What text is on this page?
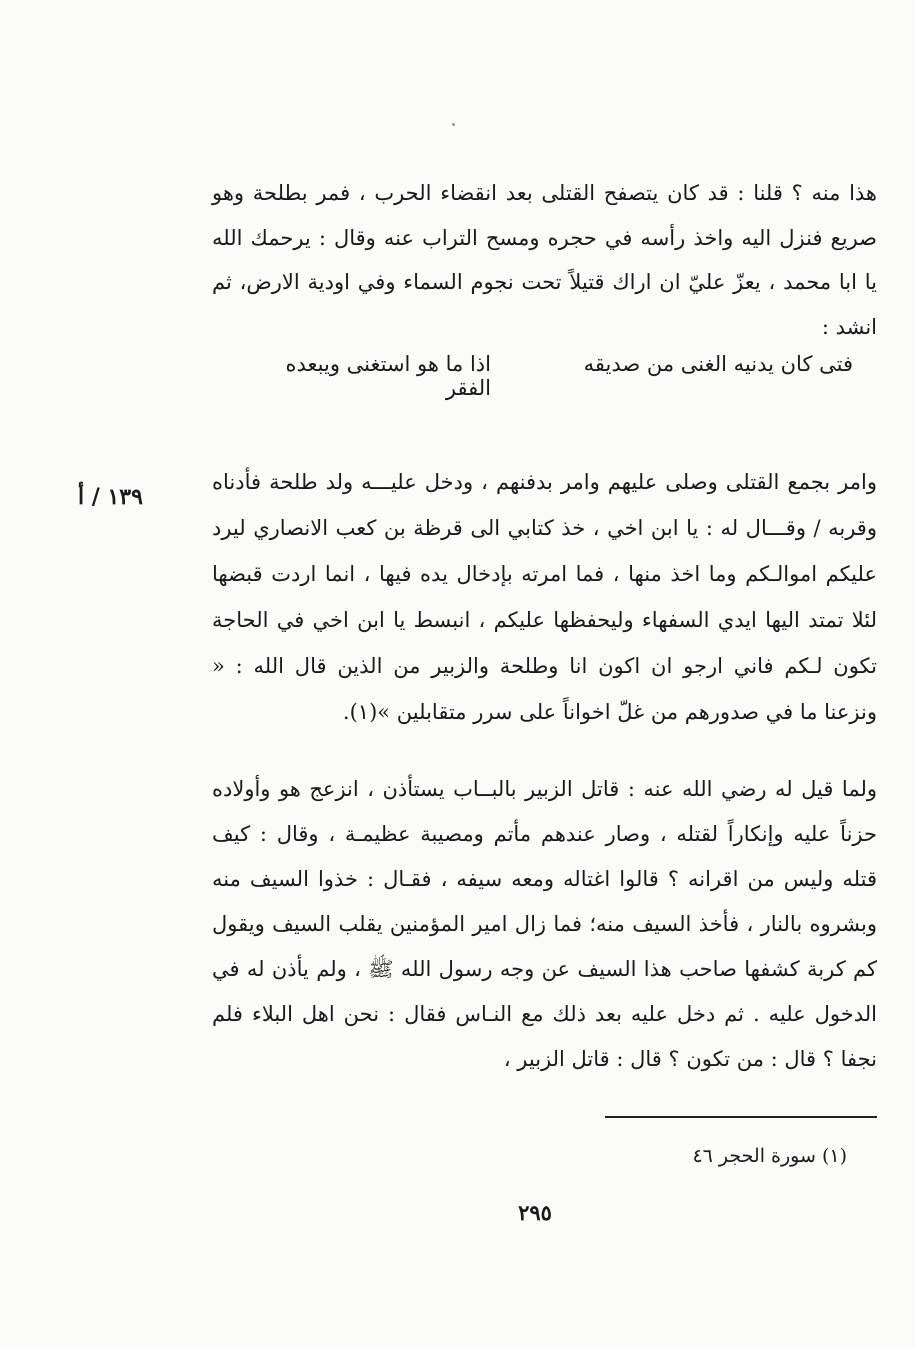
هذا منه ؟ قلنا : قد كان يتصفح القتلى بعد انقضاء الحرب ، فمر بطلحة وهو صريع فنزل اليه واخذ رأسه في حجره ومسح التراب عنه وقال : يرحمك الله يا ابا محمد ، يعزّ عليّ ان اراك قتيلاً تحت نجوم السماء وفي اودية الارض، ثم انشد :

فتى كان يدنيه الغنى من صديقه
اذا ما هو استغنى ويبعده الفقر

وامر بجمع القتلى وصلى عليهم وامر بدفنهم ، ودخل عليـــه ولد طلحة فأدناه وقربه / وقـــال له : يا ابن اخي ، خذ كتابي الى قرظة بن كعب الانصاري ليرد عليكم اموالـكم وما اخذ منها ، فما امرته بإدخال يده فيها ، انما اردت قبضها لئلا تمتد اليها ايدي السفهاء وليحفظها عليكم ، انبسط يا ابن اخي في الحاجة تكون لـكم فاني ارجو ان اكون انا وطلحة والزبير من الذين قال الله : « ونزعنا ما في صدورهم من غلّ اخواناً على سرر متقابلين »(١).

١٣٩ / أ

ولما قيل له رضي الله عنه : قاتل الزبير بالبــاب يستأذن ، انزعج هو وأولاده حزناً عليه وإنكاراً لقتله ، وصار عندهم مأتم ومصيبة عظيمـة ، وقال : كيف قتله وليس من اقرانه ؟ قالوا اغتاله ومعه سيفه ، فقـال : خذوا السيف منه وبشروه بالنار ، فأخذ السيف منه؛ فما زال امير المؤمنين يقلب السيف ويقول كم كربة كشفها صاحب هذا السيف عن وجه رسول الله ﷺ ، ولم يأذن له في الدخول عليه . ثم دخل عليه بعد ذلك مع النـاس فقال : نحن اهل البلاء فلم نجفا ؟ قال : من تكون ؟ قال : قاتل الزبير ،

(١) سورة الحجر ٤٦
٢٩٥
